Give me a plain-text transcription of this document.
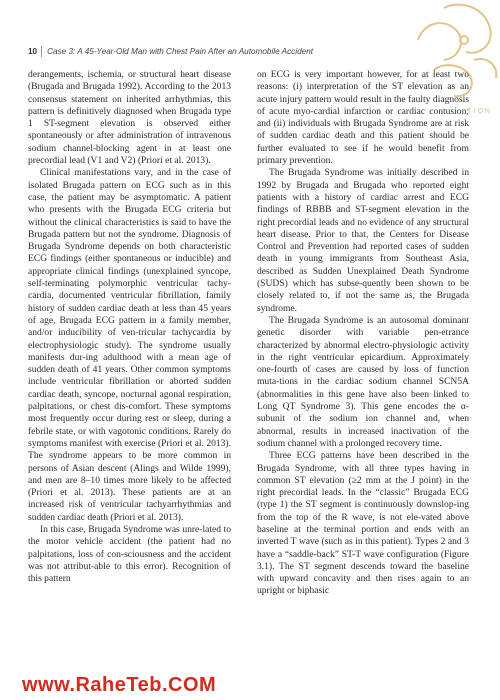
10 Case 3: A 45-Year-Old Man with Chest Pain After an Automobile Accident

derangements, ischemia, or structural heart disease (Brugada and Brugada 1992). According to the 2013 consensus statement on inherited arrhythmias, this pattern is definitively diagnosed when Brugada type 1 ST-segment elevation is observed either spontaneously or after administration of intravenous sodium channel-blocking agent in at least one precordial lead (V1 and V2) (Priori et al. 2013).

Clinical manifestations vary, and in the case of isolated Brugada pattern on ECG such as in this case, the patient may be asymptomatic. A patient who presents with the Brugada ECG criteria but without the clinical characteristics is said to have the Brugada pattern but not the syndrome. Diagnosis of Brugada Syndrome depends on both characteristic ECG findings (either spontaneous or inducible) and appropriate clinical findings (unexplained syncope, self-terminating polymorphic ventricular tachy-cardia, documented ventricular fibrillation, family history of sudden cardiac death at less than 45 years of age, Brugada ECG pattern in a family member, and/or inducibility of ven-tricular tachycardia by electrophysiologic study). The syndrome usually manifests dur-ing adulthood with a mean age of sudden death of 41 years. Other common symptoms include ventricular fibrillation or aborted sudden cardiac death, syncope, nocturnal agonal respiration, palpitations, or chest dis-comfort. These symptoms most frequently occur during rest or sleep, during a febrile state, or with vagotonic conditions. Rarely do symptoms manifest with exercise (Priori et al. 2013). The syndrome appears to be more common in persons of Asian descent (Alings and Wilde 1999), and men are 8–10 times more likely to be affected (Priori et al. 2013). These patients are at an increased risk of ventricular tachyarrhythmias and sudden cardiac death (Priori et al. 2013).

In this case, Brugada Syndrome was unre-lated to the motor vehicle accident (the patient had no palpitations, loss of con-sciousness and the accident was not attribut-able to this error). Recognition of this pattern

on ECG is very important however, for at least two reasons: (i) interpretation of the ST elevation as an acute injury pattern would result in the faulty diagnosis of acute myo-cardial infarction or cardiac contusion; and (ii) individuals with Brugada Syndrome are at risk of sudden cardiac death and this patient should be further evaluated to see if he would benefit from primary prevention.

The Brugada Syndrome was initially described in 1992 by Brugada and Brugada who reported eight patients with a history of cardiac arrest and ECG findings of RBBB and ST-segment elevation in the right precordial leads and no evidence of any structural heart disease. Prior to that, the Centers for Disease Control and Prevention had reported cases of sudden death in young immigrants from Southeast Asia, described as Sudden Unexplained Death Syndrome (SUDS) which has subse-quently been shown to be closely related to, if not the same as, the Brugada syndrome.

The Brugada Syndrome is an autosomal dominant genetic disorder with variable pen-etrance characterized by abnormal electro-physiologic activity in the right ventricular epicardium. Approximately one-fourth of cases are caused by loss of function muta-tions in the cardiac sodium channel SCN5A (abnormalities in this gene have also been linked to Long QT Syndrome 3). This gene encodes the α-subunit of the sodium ion channel and, when abnormal, results in increased inactivation of the sodium channel with a prolonged recovery time.

Three ECG patterns have been described in the Brugada Syndrome, with all three types having in common ST elevation (≥2 mm at the J point) in the right precordial leads. In the “classic” Brugada ECG (type 1) the ST segment is continuously downslop-ing from the top of the R wave, is not ele-vated above baseline at the terminal portion and ends with an inverted T wave (such as in this patient). Types 2 and 3 have a “saddle-back” ST-T wave configuration (Figure 3.1). The ST segment descends toward the baseline with upward concavity and then rises again to an upright or biphasic

TION
www.RaheTeb.COM
